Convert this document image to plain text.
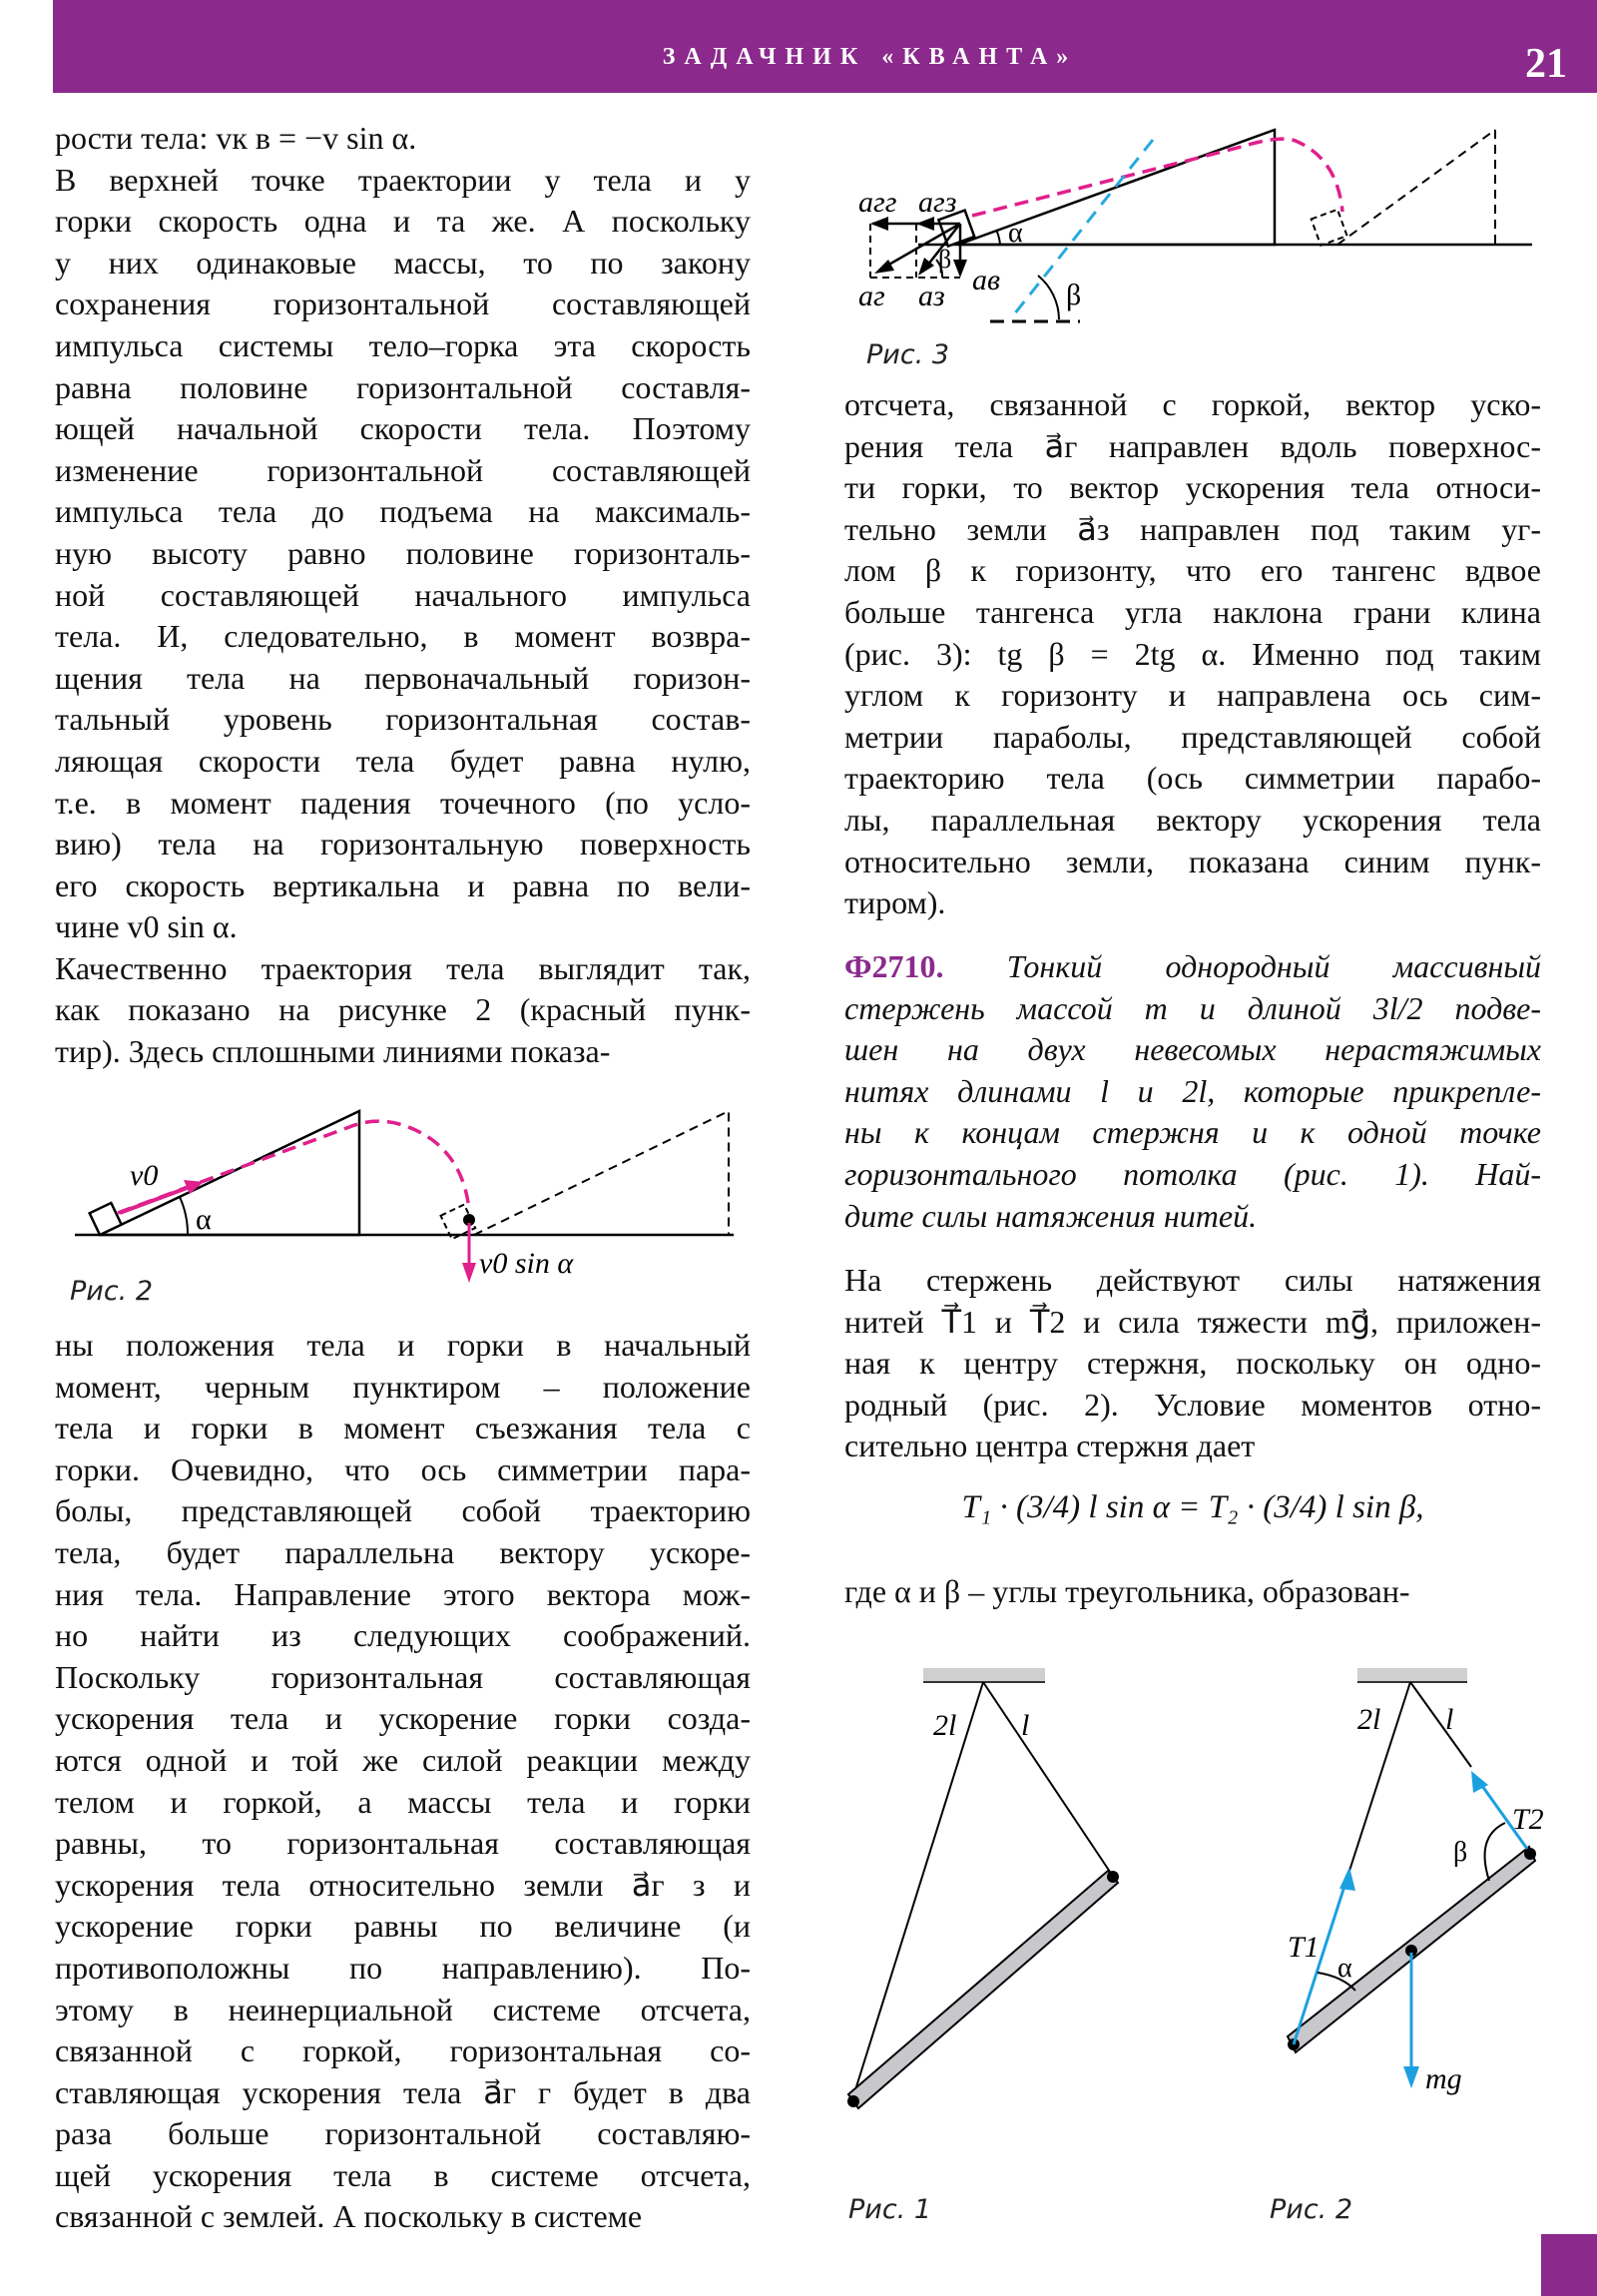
ЗАДАЧНИК «КВАНТА»	21
рости тела: vк в = −v sin α.
В верхней точке траектории у тела и у
горки скорость одна и та же. А поскольку
у них одинаковые массы, то по закону
сохранения горизонтальной составляющей
импульса системы тело–горка эта скорость
равна половине горизонтальной составля-
ющей начальной скорости тела. Поэтому
изменение горизонтальной составляющей
импульса тела до подъема на максималь-
ную высоту равно половине горизонталь-
ной составляющей начального импульса
тела. И, следовательно, в момент возвра-
щения тела на первоначальный горизон-
тальный уровень горизонтальная состав-
ляющая скорости тела будет равна нулю,
т.е. в момент падения точечного (по усло-
вию) тела на горизонтальную поверхность
его скорость вертикальна и равна по вели-
чине v0 sin α.
Качественно траектория тела выглядит так,
как показано на рисунке 2 (красный пунк-
тир). Здесь сплошными линиями показа-
v0
α
v0 sin α
Рис. 2
ны положения тела и горки в начальный
момент, черным пунктиром – положение
тела и горки в момент съезжания тела с
горки. Очевидно, что ось симметрии пара-
болы, представляющей собой траекторию
тела, будет параллельна вектору ускоре-
ния тела. Направление этого вектора мож-
но найти из следующих соображений.
Поскольку горизонтальная составляющая
ускорения тела и ускорение горки созда-
ются одной и той же силой реакции между
телом и горкой, а массы тела и горки
равны, то горизонтальная составляющая
ускорения тела относительно земли a⃗г з и
ускорение горки равны по величине (и
противоположны по направлению). По-
этому в неинерциальной системе отсчета,
связанной с горкой, горизонтальная со-
ставляющая ускорения тела a⃗г г будет в два
раза больше горизонтальной составляю-
щей ускорения тела в системе отсчета,
связанной с землей. А поскольку в системе
β
α
β
aгг aгз
aг aз aв
Рис. 3
отсчета, связанной с горкой, вектор уско-
рения тела a⃗г направлен вдоль поверхнос-
ти горки, то вектор ускорения тела относи-
тельно земли a⃗з направлен под таким уг-
лом β к горизонту, что его тангенс вдвое
больше тангенса угла наклона грани клина
(рис. 3): tg β = 2tg α. Именно под таким
углом к горизонту и направлена ось сим-
метрии параболы, представляющей собой
траекторию тела (ось симметрии парабо-
лы, параллельная вектору ускорения тела
относительно земли, показана синим пунк-
тиром).
Ф2710. Тонкий однородный массивный
стержень массой m и длиной 3l/2 подве-
шен на двух невесомых нерастяжимых
нитях длинами l и 2l, которые прикрепле-
ны к концам стержня и к одной точке
горизонтального потолка (рис. 1). Най-
дите силы натяжения нитей.
На стержень действуют силы натяжения
нитей T⃗1 и T⃗2 и сила тяжести mg⃗, приложен-
ная к центру стержня, поскольку он одно-
родный (рис. 2). Условие моментов отно-
сительно центра стержня дает
T₁ · (3/4) l sin α = T₂ · (3/4) l sin β,
где α и β – углы треугольника, образован-
2l l
Рис. 1
2l l
T1
T2
α
β
mg
Рис. 2
